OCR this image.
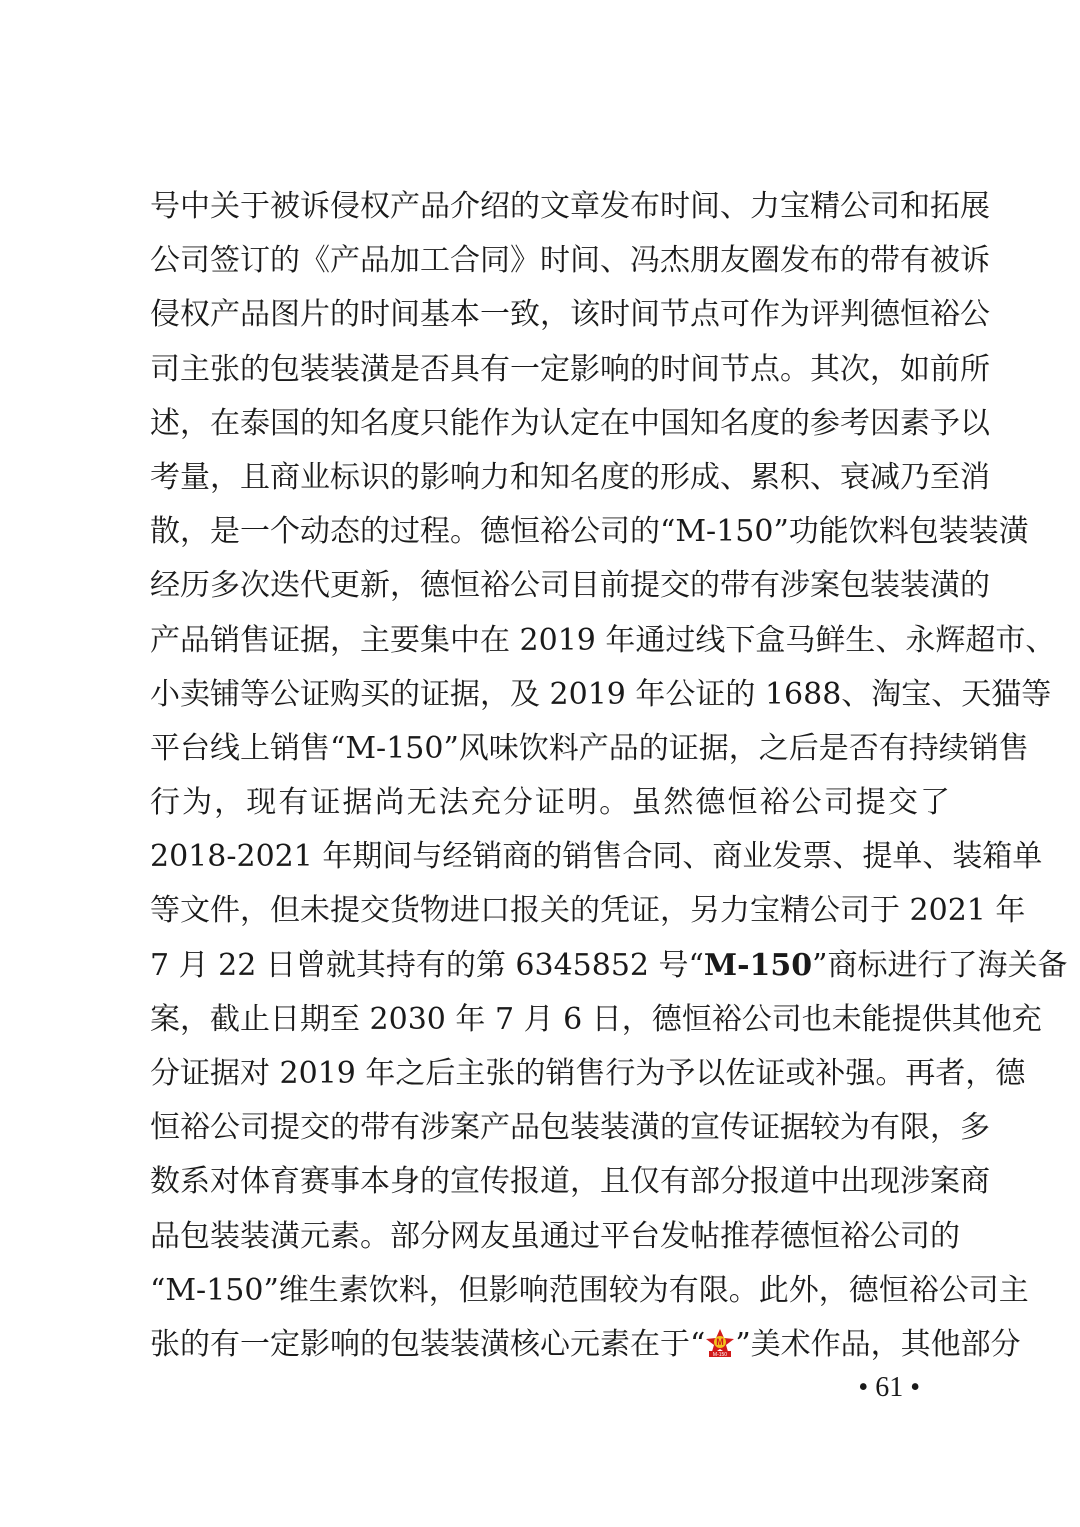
号中关于被诉侵权产品介绍的文章发布时间、力宝精公司和拓展
公司签订的《产品加工合同》时间、冯杰朋友圈发布的带有被诉
侵权产品图片的时间基本一致，该时间节点可作为评判德恒裕公
司主张的包装装潢是否具有一定影响的时间节点。其次，如前所
述，在泰国的知名度只能作为认定在中国知名度的参考因素予以
考量，且商业标识的影响力和知名度的形成、累积、衰减乃至消
散，是一个动态的过程。德恒裕公司的“M-150”功能饮料包装装潢
经历多次迭代更新，德恒裕公司目前提交的带有涉案包装装潢的
产品销售证据，主要集中在 2019 年通过线下盒马鲜生、永辉超市、
小卖铺等公证购买的证据，及 2019 年公证的 1688、淘宝、天猫等
平台线上销售“M-150”风味饮料产品的证据，之后是否有持续销售
行为，现有证据尚无法充分证明。虽然德恒裕公司提交了
2018-2021 年期间与经销商的销售合同、商业发票、提单、装箱单
等文件，但未提交货物进口报关的凭证，另力宝精公司于 2021 年
7 月 22 日曾就其持有的第 6345852 号“M-150”商标进行了海关备
案，截止日期至 2030 年 7 月 6 日，德恒裕公司也未能提供其他充
分证据对 2019 年之后主张的销售行为予以佐证或补强。再者，德
恒裕公司提交的带有涉案产品包装装潢的宣传证据较为有限，多
数系对体育赛事本身的宣传报道，且仅有部分报道中出现涉案商
品包装装潢元素。部分网友虽通过平台发帖推荐德恒裕公司的
“M-150”维生素饮料，但影响范围较为有限。此外，德恒裕公司主
张的有一定影响的包装装潢核心元素在于“ M
M-150 ”美术作品，其他部分
• 61 •
